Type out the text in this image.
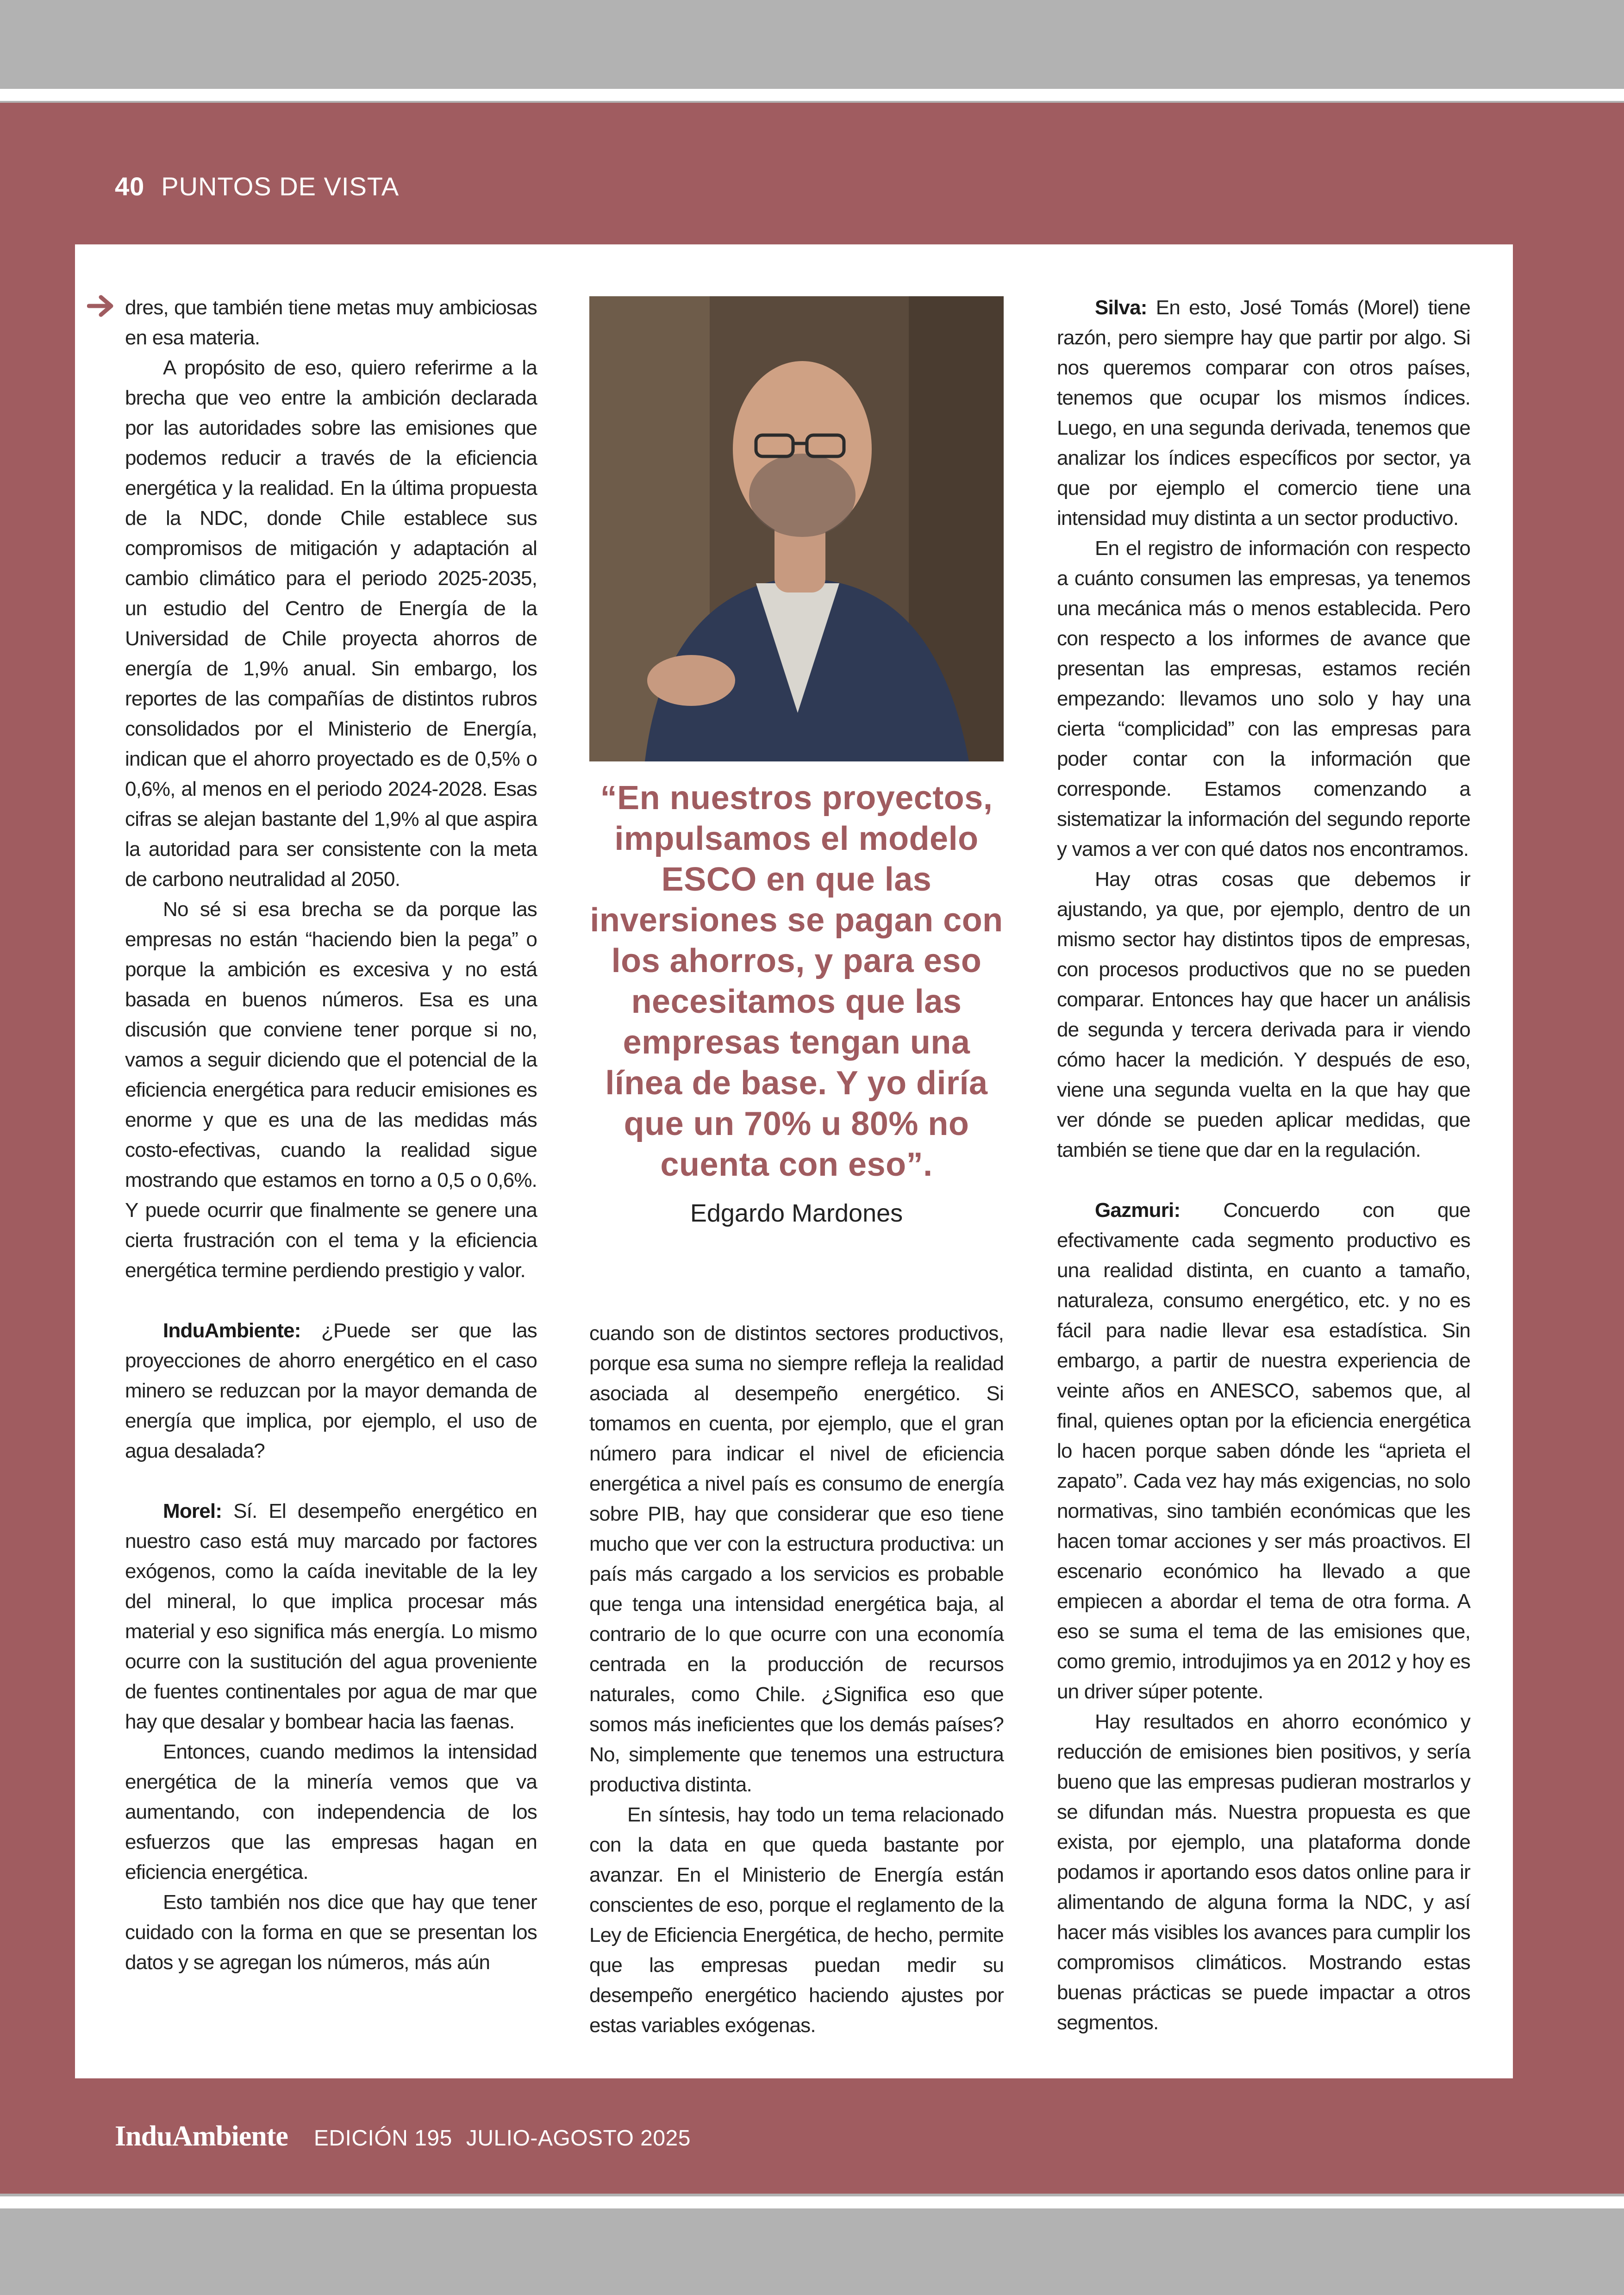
40 PUNTOS DE VISTA

dres, que también tiene metas muy ambiciosas en esa materia.

A propósito de eso, quiero referirme a la brecha que veo entre la ambición declarada por las autoridades sobre las emisiones que podemos reducir a través de la eficiencia energética y la realidad. En la última propuesta de la NDC, donde Chile establece sus compromisos de mitigación y adaptación al cambio climático para el periodo 2025-2035, un estudio del Centro de Energía de la Universidad de Chile proyecta ahorros de energía de 1,9% anual. Sin embargo, los reportes de las compañías de distintos rubros consolidados por el Ministerio de Energía, indican que el ahorro proyectado es de 0,5% o 0,6%, al menos en el periodo 2024-2028. Esas cifras se alejan bastante del 1,9% al que aspira la autoridad para ser consistente con la meta de carbono neutralidad al 2050.

No sé si esa brecha se da porque las empresas no están “haciendo bien la pega” o porque la ambición es excesiva y no está basada en buenos números. Esa es una discusión que conviene tener porque si no, vamos a seguir diciendo que el potencial de la eficiencia energética para reducir emisiones es enorme y que es una de las medidas más costo-efectivas, cuando la realidad sigue mostrando que estamos en torno a 0,5 o 0,6%. Y puede ocurrir que finalmente se genere una cierta frustración con el tema y la eficiencia energética termine perdiendo prestigio y valor.

InduAmbiente: ¿Puede ser que las proyecciones de ahorro energético en el caso minero se reduzcan por la mayor demanda de energía que implica, por ejemplo, el uso de agua desalada?

Morel: Sí. El desempeño energético en nuestro caso está muy marcado por factores exógenos, como la caída inevitable de la ley del mineral, lo que implica procesar más material y eso significa más energía. Lo mismo ocurre con la sustitución del agua proveniente de fuentes continentales por agua de mar que hay que desalar y bombear hacia las faenas.

Entonces, cuando medimos la intensidad energética de la minería vemos que va aumentando, con independencia de los esfuerzos que las empresas hagan en eficiencia energética.

Esto también nos dice que hay que tener cuidado con la forma en que se presentan los datos y se agregan los números, más aún

“En nuestros proyectos, impulsamos el modelo ESCO en que las inversiones se pagan con los ahorros, y para eso necesitamos que las empresas tengan una línea de base. Y yo diría que un 70% u 80% no cuenta con eso”.
Edgardo Mardones

cuando son de distintos sectores productivos, porque esa suma no siempre refleja la realidad asociada al desempeño energético. Si tomamos en cuenta, por ejemplo, que el gran número para indicar el nivel de eficiencia energética a nivel país es consumo de energía sobre PIB, hay que considerar que eso tiene mucho que ver con la estructura productiva: un país más cargado a los servicios es probable que tenga una intensidad energética baja, al contrario de lo que ocurre con una economía centrada en la producción de recursos naturales, como Chile. ¿Significa eso que somos más ineficientes que los demás países? No, simplemente que tenemos una estructura productiva distinta.

En síntesis, hay todo un tema relacionado con la data en que queda bastante por avanzar. En el Ministerio de Energía están conscientes de eso, porque el reglamento de la Ley de Eficiencia Energética, de hecho, permite que las empresas puedan medir su desempeño energético haciendo ajustes por estas variables exógenas.

Silva: En esto, José Tomás (Morel) tiene razón, pero siempre hay que partir por algo. Si nos queremos comparar con otros países, tenemos que ocupar los mismos índices. Luego, en una segunda derivada, tenemos que analizar los índices específicos por sector, ya que por ejemplo el comercio tiene una intensidad muy distinta a un sector productivo.

En el registro de información con respecto a cuánto consumen las empresas, ya tenemos una mecánica más o menos establecida. Pero con respecto a los informes de avance que presentan las empresas, estamos recién empezando: llevamos uno solo y hay una cierta “complicidad” con las empresas para poder contar con la información que corresponde. Estamos comenzando a sistematizar la información del segundo reporte y vamos a ver con qué datos nos encontramos.

Hay otras cosas que debemos ir ajustando, ya que, por ejemplo, dentro de un mismo sector hay distintos tipos de empresas, con procesos productivos que no se pueden comparar. Entonces hay que hacer un análisis de segunda y tercera derivada para ir viendo cómo hacer la medición. Y después de eso, viene una segunda vuelta en la que hay que ver dónde se pueden aplicar medidas, que también se tiene que dar en la regulación.

Gazmuri: Concuerdo con que efectivamente cada segmento productivo es una realidad distinta, en cuanto a tamaño, naturaleza, consumo energético, etc. y no es fácil para nadie llevar esa estadística. Sin embargo, a partir de nuestra experiencia de veinte años en ANESCO, sabemos que, al final, quienes optan por la eficiencia energética lo hacen porque saben dónde les “aprieta el zapato”. Cada vez hay más exigencias, no solo normativas, sino también económicas que les hacen tomar acciones y ser más proactivos. El escenario económico ha llevado a que empiecen a abordar el tema de otra forma. A eso se suma el tema de las emisiones que, como gremio, introdujimos ya en 2012 y hoy es un driver súper potente.

Hay resultados en ahorro económico y reducción de emisiones bien positivos, y sería bueno que las empresas pudieran mostrarlos y se difundan más. Nuestra propuesta es que exista, por ejemplo, una plataforma donde podamos ir aportando esos datos online para ir alimentando de alguna forma la NDC, y así hacer más visibles los avances para cumplir los compromisos climáticos. Mostrando estas buenas prácticas se puede impactar a otros segmentos.

InduAmbiente EDICIÓN 195 JULIO-AGOSTO 2025
